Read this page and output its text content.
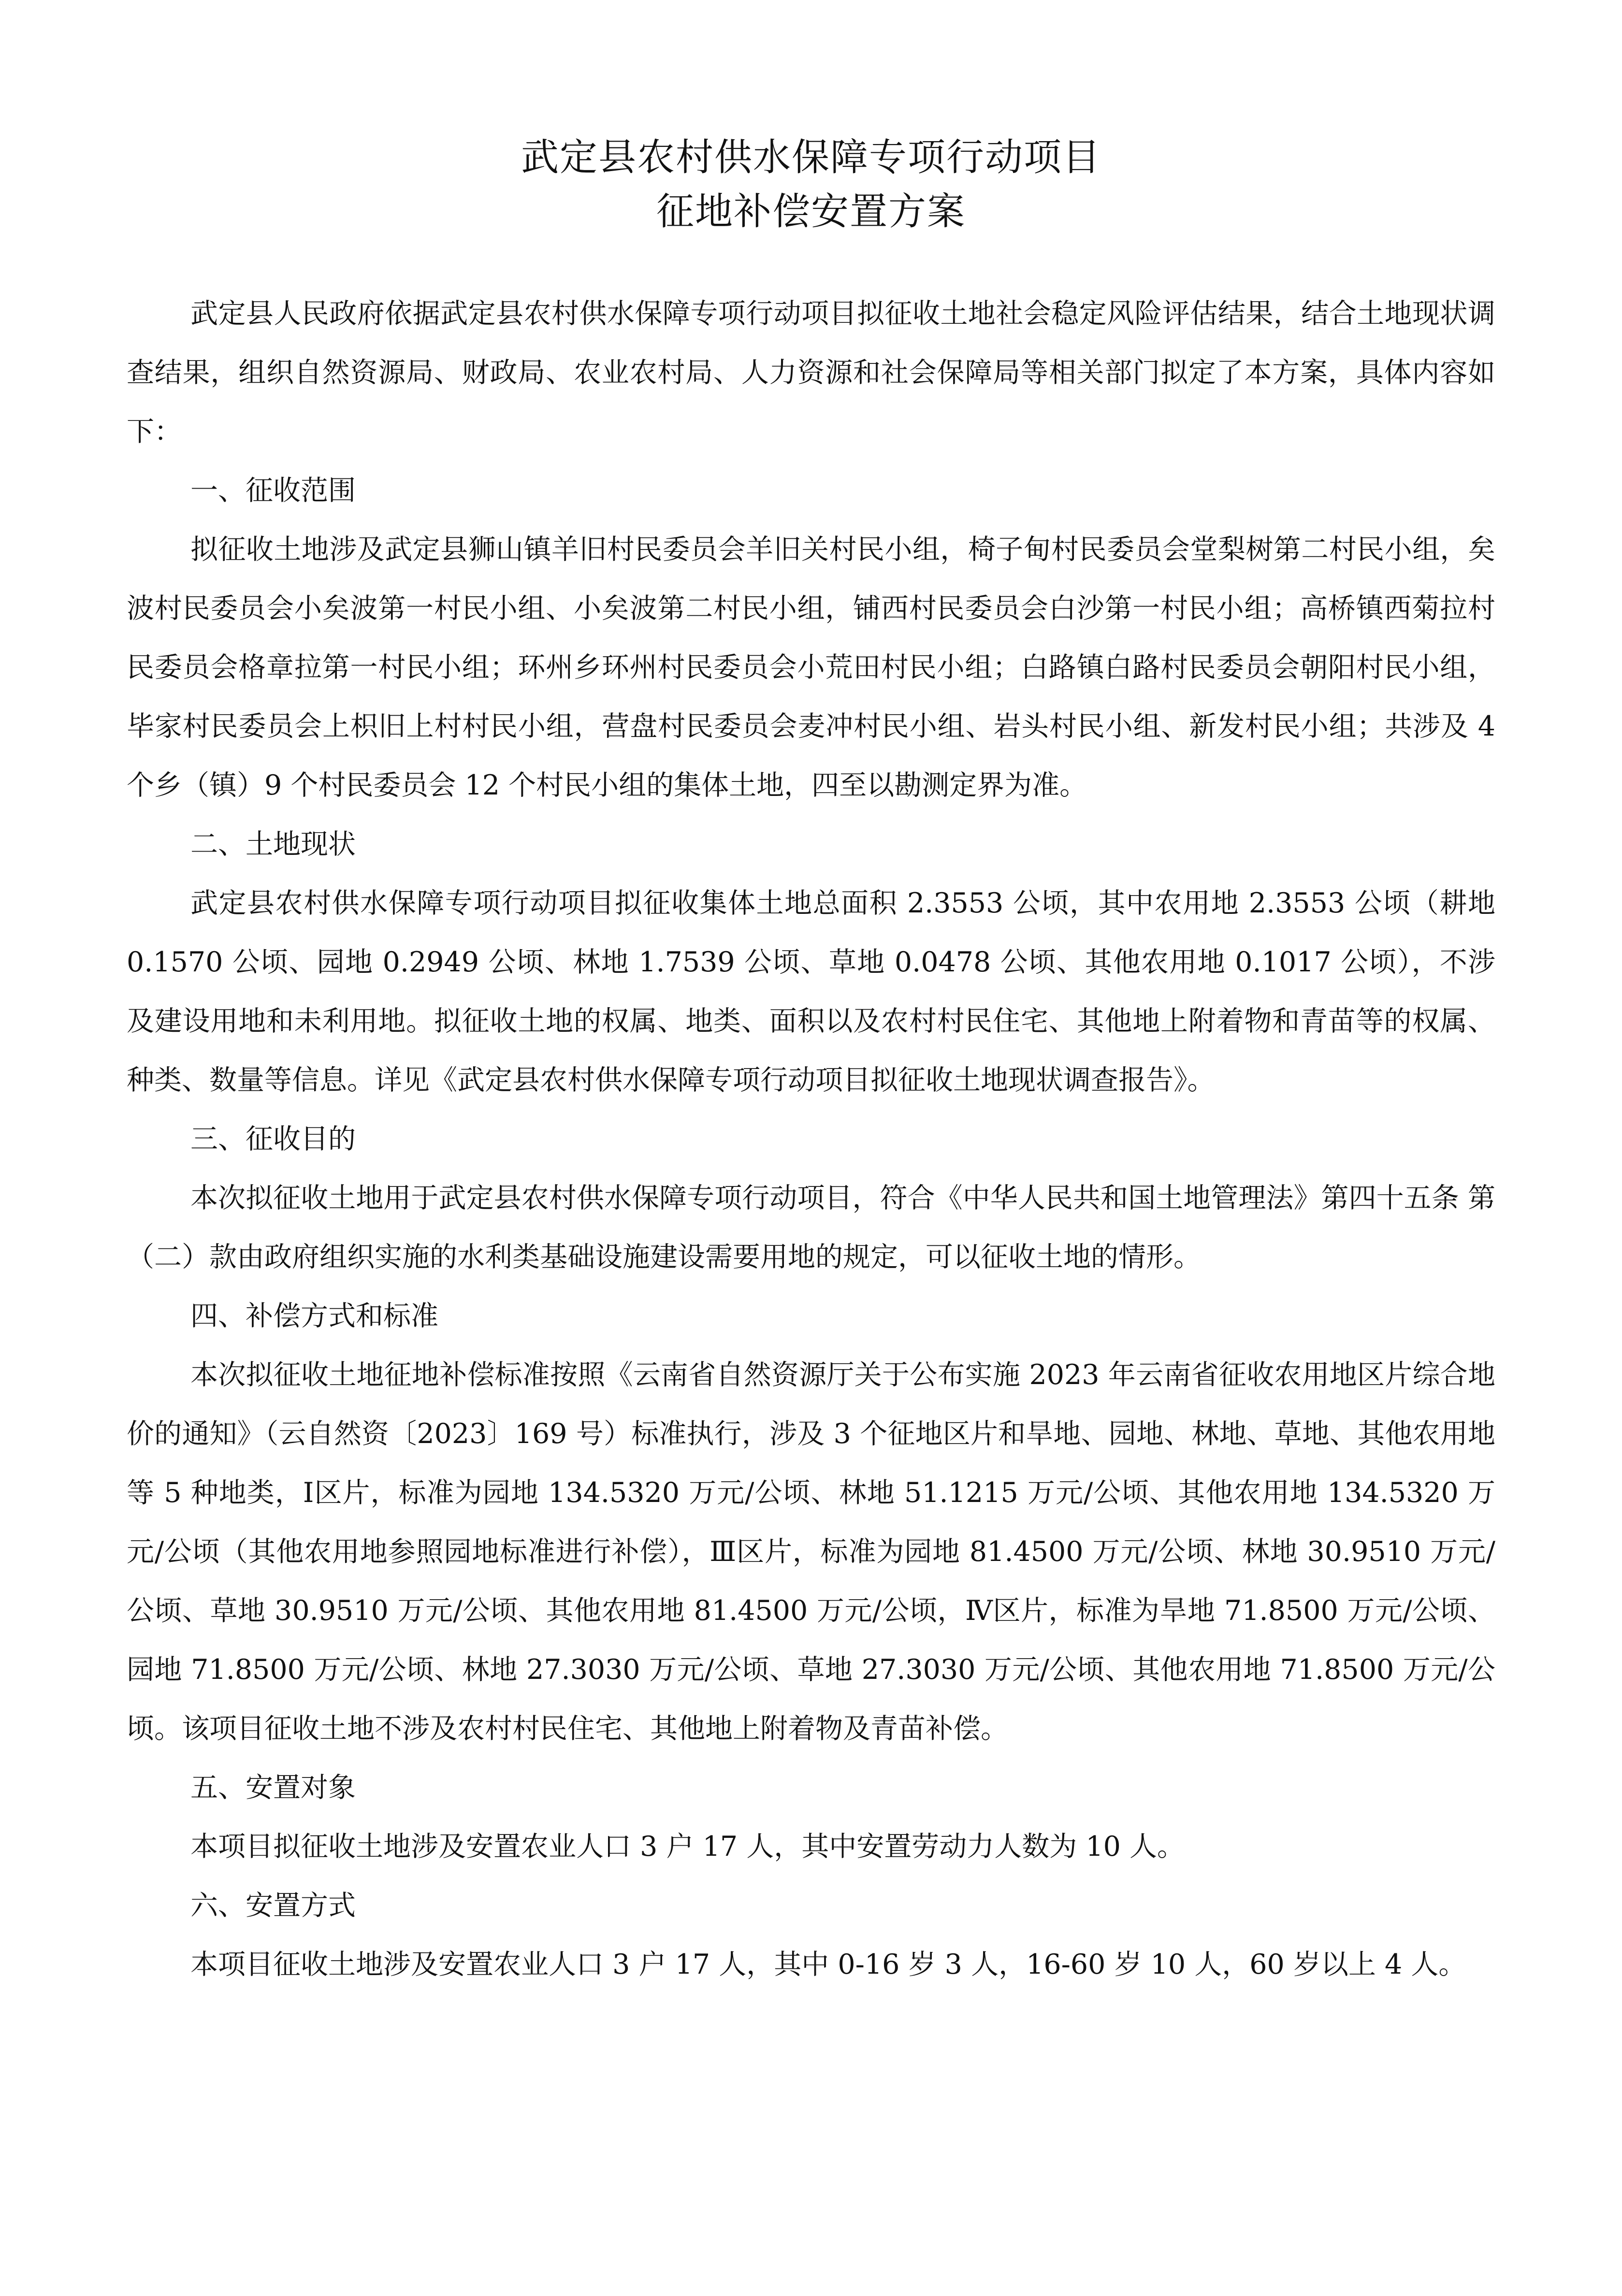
武定县农村供水保障专项行动项目
征地补偿安置方案

武定县人民政府依据武定县农村供水保障专项行动项目拟征收土地社会稳定风险评估结果，结合土地现状调查结果，组织自然资源局、财政局、农业农村局、人力资源和社会保障局等相关部门拟定了本方案，具体内容如下：

一、征收范围

拟征收土地涉及武定县狮山镇羊旧村民委员会羊旧关村民小组，椅子甸村民委员会堂梨树第二村民小组，矣波村民委员会小矣波第一村民小组、小矣波第二村民小组，铺西村民委员会白沙第一村民小组；高桥镇西菊拉村民委员会格章拉第一村民小组；环州乡环州村民委员会小荒田村民小组；白路镇白路村民委员会朝阳村民小组，毕家村民委员会上枳旧上村村民小组，营盘村民委员会麦冲村民小组、岩头村民小组、新发村民小组；共涉及 4 个乡（镇）9 个村民委员会 12 个村民小组的集体土地，四至以勘测定界为准。

二、土地现状

武定县农村供水保障专项行动项目拟征收集体土地总面积 2.3553 公顷，其中农用地 2.3553 公顷（耕地 0.1570 公顷、园地 0.2949 公顷、林地 1.7539 公顷、草地 0.0478 公顷、其他农用地 0.1017 公顷），不涉及建设用地和未利用地。拟征收土地的权属、地类、面积以及农村村民住宅、其他地上附着物和青苗等的权属、种类、数量等信息。详见《武定县农村供水保障专项行动项目拟征收土地现状调查报告》。

三、征收目的

本次拟征收土地用于武定县农村供水保障专项行动项目，符合《中华人民共和国土地管理法》第四十五条 第（二）款由政府组织实施的水利类基础设施建设需要用地的规定，可以征收土地的情形。

四、补偿方式和标准

本次拟征收土地征地补偿标准按照《云南省自然资源厅关于公布实施 2023 年云南省征收农用地区片综合地价的通知》（云自然资〔2023〕169 号）标准执行，涉及 3 个征地区片和旱地、园地、林地、草地、其他农用地等 5 种地类，Ⅰ区片，标准为园地 134.5320 万元/公顷、林地 51.1215 万元/公顷、其他农用地 134.5320 万元/公顷（其他农用地参照园地标准进行补偿），Ⅲ区片，标准为园地 81.4500 万元/公顷、林地 30.9510 万元/公顷、草地 30.9510 万元/公顷、其他农用地 81.4500 万元/公顷，Ⅳ区片，标准为旱地 71.8500 万元/公顷、园地 71.8500 万元/公顷、林地 27.3030 万元/公顷、草地 27.3030 万元/公顷、其他农用地 71.8500 万元/公顷。该项目征收土地不涉及农村村民住宅、其他地上附着物及青苗补偿。

五、安置对象

本项目拟征收土地涉及安置农业人口 3 户 17 人，其中安置劳动力人数为 10 人。

六、安置方式

本项目征收土地涉及安置农业人口 3 户 17 人，其中 0-16 岁 3 人，16-60 岁 10 人，60 岁以上 4 人。
